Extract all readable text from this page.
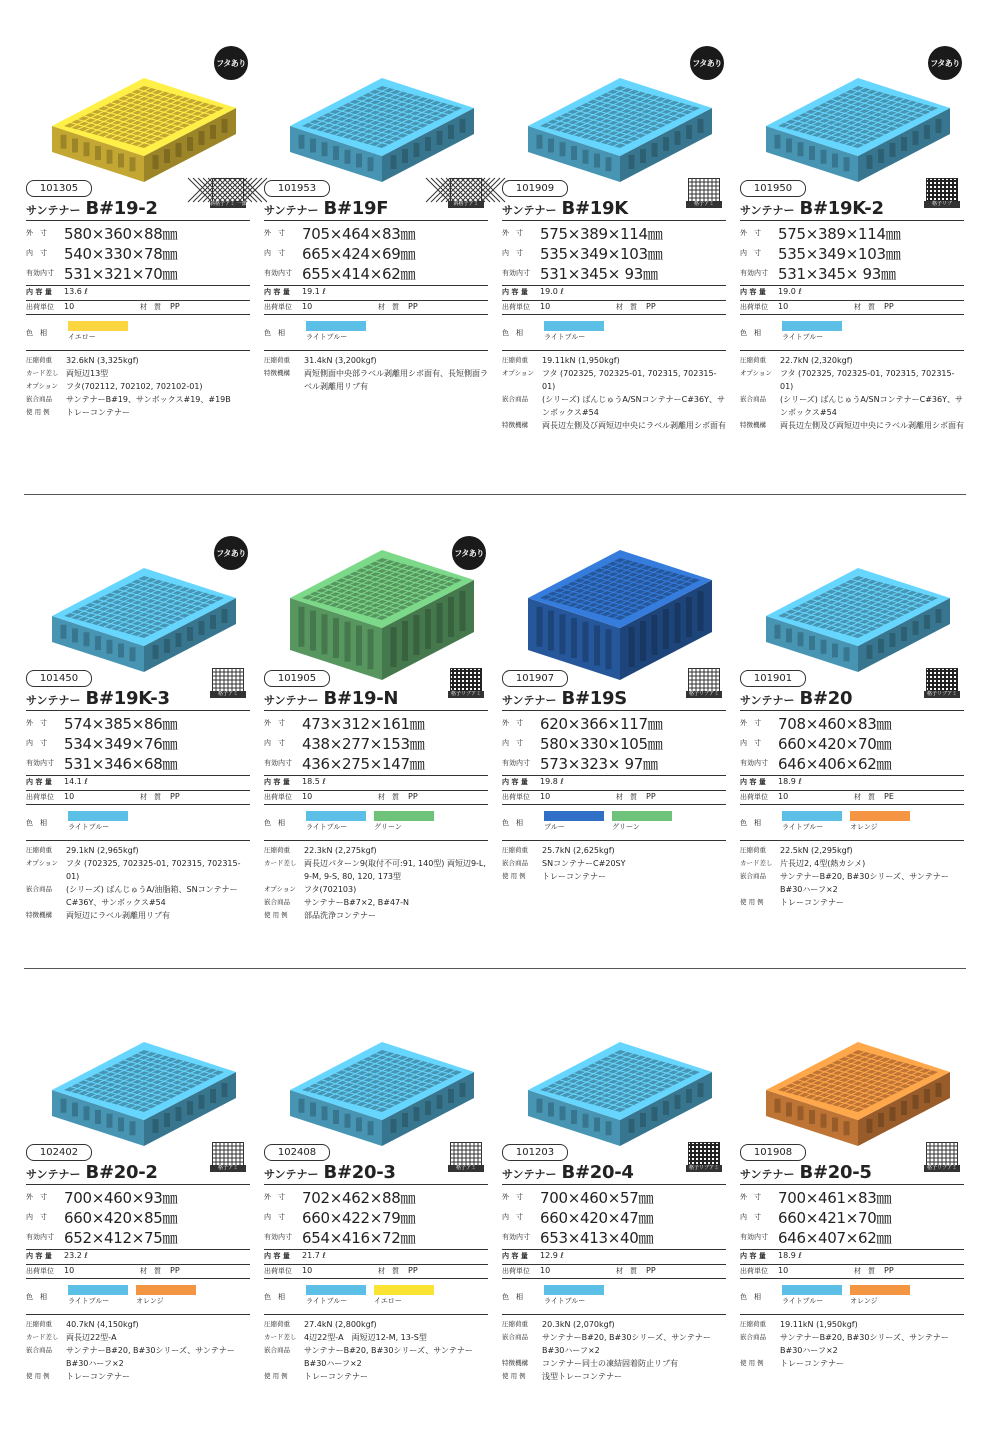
フタあり
101305
サンテナー B#19-2	斜格子アミ 一部ベタ
外　寸	580×360×88㎜
内　寸	540×330×78㎜
有効内寸 531×321×70㎜
内 容 量 13.6 ℓ
出荷単位 10	材　質 PP
色　相	イエロー
圧縮荷重	32.6kN (3,325kgf)
カード差し 両短辺13型
オプション	フタ(702112, 702102, 702102-01)
嵌合商品	サンテナーB#19、サンボックス#19、#19B
使 用 例	トレーコンテナー
101953
サンテナー B#19F	斜格子アミ
外　寸	705×464×83㎜
内　寸	665×424×69㎜
有効内寸 655×414×62㎜
内 容 量 19.1 ℓ
出荷単位 10	材　質 PP
色　相	ライトブルー
圧縮荷重	31.4kN (3,200kgf)
特徴機構	両短側面中央部ラベル剥離用シボ面有、長短側面ラベル剥離用リブ有
フタあり
101909
サンテナー B#19K	格子アミ
外　寸	575×389×114㎜
内　寸	535×349×103㎜
有効内寸 531×345× 93㎜
内 容 量 19.0 ℓ
出荷単位 10	材　質 PP
色　相	ライトブルー
圧縮荷重	19.11kN (1,950kgf)
オプション	フタ (702325, 702325-01, 702315, 702315-01)
嵌合商品	(シリーズ) ばんじゅうA/SNコンテナーC#36Y、サンボックス#54
特徴機構	両長辺左側及び両短辺中央にラベル剥離用シボ面有
フタあり
101950
サンテナー B#19K-2	格子リブ
外　寸	575×389×114㎜
内　寸	535×349×103㎜
有効内寸 531×345× 93㎜
内 容 量 19.0 ℓ
出荷単位 10	材　質 PP
色　相	ライトブルー
圧縮荷重	22.7kN (2,320kgf)
オプション	フタ (702325, 702325-01, 702315, 702315-01)
嵌合商品	(シリーズ) ばんじゅうA/SNコンテナーC#36Y、サンボックス#54
特徴機構	両長辺左側及び両短辺中央にラベル剥離用シボ面有
フタあり
101450
サンテナー B#19K-3	格子アミ
外　寸	574×385×86㎜
内　寸	534×349×76㎜
有効内寸 531×346×68㎜
内 容 量 14.1 ℓ
出荷単位 10	材　質 PP
色　相	ライトブルー
圧縮荷重	29.1kN (2,965kgf)
オプション	フタ (702325, 702325-01, 702315, 702315-01)
嵌合商品	(シリーズ) ばんじゅうA/油脂箱、SNコンテナーC#36Y、サンボックス#54
特徴機構	両短辺にラベル剥離用リブ有
フタあり
101905
サンテナー B#19-N	格子リブアミ
外　寸	473×312×161㎜
内　寸	438×277×153㎜
有効内寸 436×275×147㎜
内 容 量 18.5 ℓ
出荷単位 10	材　質 PP
色　相	ライトブルー	グリーン
圧縮荷重	22.3kN (2,275kgf)
カード差し 両長辺パターン9(取付不可:91, 140型) 両短辺9-L, 9-M, 9-S, 80, 120, 173型
オプション	フタ(702103)
嵌合商品	サンテナーB#7×2, B#47-N
使 用 例	部品洗浄コンテナー
101907
サンテナー B#19S	格子リブアミ
外　寸	620×366×117㎜
内　寸	580×330×105㎜
有効内寸 573×323× 97㎜
内 容 量 19.8 ℓ
出荷単位 10	材　質 PP
色　相	ブルー	グリーン
圧縮荷重	25.7kN (2,625kgf)
嵌合商品	SNコンテナーC#20SY
使 用 例	トレーコンテナー
101901
サンテナー B#20	格子リブアミ
外　寸	708×460×83㎜
内　寸	660×420×70㎜
有効内寸 646×406×62㎜
内 容 量 18.9 ℓ
出荷単位 10	材　質 PE
色　相	ライトブルー	オレンジ
圧縮荷重	22.5kN (2,295kgf)
カード差し 片長辺2, 4型(熱カシメ)
嵌合商品	サンテナーB#20, B#30シリーズ、サンテナーB#30ハーフ×2
使 用 例	トレーコンテナー
102402
サンテナー B#20-2	格子アミ
外　寸	700×460×93㎜
内　寸	660×420×85㎜
有効内寸 652×412×75㎜
内 容 量 23.2 ℓ
出荷単位 10	材　質 PP
色　相	ライトブルー	オレンジ
圧縮荷重	40.7kN (4,150kgf)
カード差し 両長辺22型-A
嵌合商品	サンテナーB#20, B#30シリーズ、サンテナーB#30ハーフ×2
使 用 例	トレーコンテナー
102408
サンテナー B#20-3	格子アミ
外　寸	702×462×88㎜
内　寸	660×422×79㎜
有効内寸 654×416×72㎜
内 容 量 21.7 ℓ
出荷単位 10	材　質 PP
色　相	ライトブルー	イエロー
圧縮荷重	27.4kN (2,800kgf)
カード差し 4辺22型-A　両短辺12-M, 13-S型
嵌合商品	サンテナーB#20, B#30シリーズ、サンテナーB#30ハーフ×2
使 用 例	トレーコンテナー
101203
サンテナー B#20-4	格子リブアミ
外　寸	700×460×57㎜
内　寸	660×420×47㎜
有効内寸 653×413×40㎜
内 容 量 12.9 ℓ
出荷単位 10	材　質 PP
色　相	ライトブルー
圧縮荷重	20.3kN (2,070kgf)
嵌合商品	サンテナーB#20, B#30シリーズ、サンテナーB#30ハーフ×2
特徴機構	コンテナー同士の凍結固着防止リブ有
使 用 例	浅型トレーコンテナー
101908
サンテナー B#20-5	格子リブアミ
外　寸	700×461×83㎜
内　寸	660×421×70㎜
有効内寸 646×407×62㎜
内 容 量 18.9 ℓ
出荷単位 10	材　質 PP
色　相	ライトブルー	オレンジ
圧縮荷重	19.11kN (1,950kgf)
嵌合商品	サンテナーB#20, B#30シリーズ、サンテナーB#30ハーフ×2
使 用 例	トレーコンテナー
